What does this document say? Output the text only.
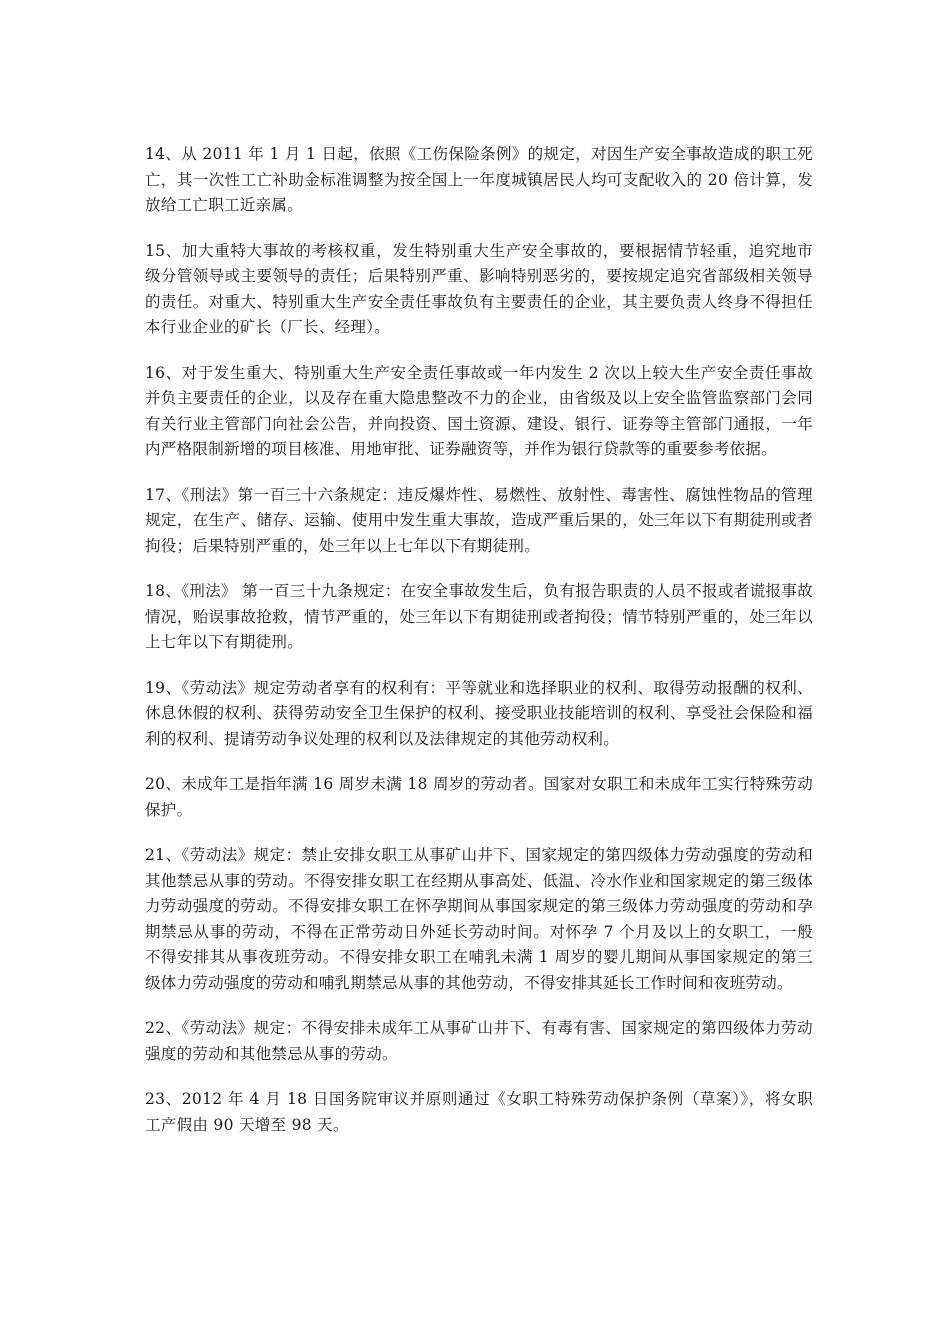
14、从 2011 年 1 月 1 日起，依照《工伤保险条例》的规定，对因生产安全事故造成的职工死亡，其一次性工亡补助金标准调整为按全国上一年度城镇居民人均可支配收入的 20 倍计算，发放给工亡职工近亲属。

15、加大重特大事故的考核权重，发生特别重大生产安全事故的，要根据情节轻重，追究地市级分管领导或主要领导的责任；后果特别严重、影响特别恶劣的，要按规定追究省部级相关领导的责任。对重大、特别重大生产安全责任事故负有主要责任的企业，其主要负责人终身不得担任本行业企业的矿长（厂长、经理）。

16、对于发生重大、特别重大生产安全责任事故或一年内发生 2 次以上较大生产安全责任事故并负主要责任的企业，以及存在重大隐患整改不力的企业，由省级及以上安全监管监察部门会同有关行业主管部门向社会公告，并向投资、国土资源、建设、银行、证券等主管部门通报，一年内严格限制新增的项目核准、用地审批、证券融资等，并作为银行贷款等的重要参考依据。

17、《刑法》第一百三十六条规定：违反爆炸性、易燃性、放射性、毒害性、腐蚀性物品的管理规定，在生产、储存、运输、使用中发生重大事故，造成严重后果的，处三年以下有期徒刑或者拘役；后果特别严重的，处三年以上七年以下有期徒刑。

18、《刑法》 第一百三十九条规定：在安全事故发生后，负有报告职责的人员不报或者谎报事故情况，贻误事故抢救，情节严重的，处三年以下有期徒刑或者拘役；情节特别严重的，处三年以上七年以下有期徒刑。

19、《劳动法》规定劳动者享有的权利有：平等就业和选择职业的权利、取得劳动报酬的权利、休息休假的权利、获得劳动安全卫生保护的权利、接受职业技能培训的权利、享受社会保险和福利的权利、提请劳动争议处理的权利以及法律规定的其他劳动权利。

20、未成年工是指年满 16 周岁未满 18 周岁的劳动者。国家对女职工和未成年工实行特殊劳动保护。

21、《劳动法》规定：禁止安排女职工从事矿山井下、国家规定的第四级体力劳动强度的劳动和其他禁忌从事的劳动。不得安排女职工在经期从事高处、低温、冷水作业和国家规定的第三级体力劳动强度的劳动。不得安排女职工在怀孕期间从事国家规定的第三级体力劳动强度的劳动和孕期禁忌从事的劳动，不得在正常劳动日外延长劳动时间。对怀孕 7 个月及以上的女职工，一般不得安排其从事夜班劳动。不得安排女职工在哺乳未满 1 周岁的婴儿期间从事国家规定的第三级体力劳动强度的劳动和哺乳期禁忌从事的其他劳动，不得安排其延长工作时间和夜班劳动。

22、《劳动法》规定：不得安排未成年工从事矿山井下、有毒有害、国家规定的第四级体力劳动强度的劳动和其他禁忌从事的劳动。

23、2012 年 4 月 18 日国务院审议并原则通过《女职工特殊劳动保护条例（草案）》，将女职工产假由 90 天增至 98 天。
